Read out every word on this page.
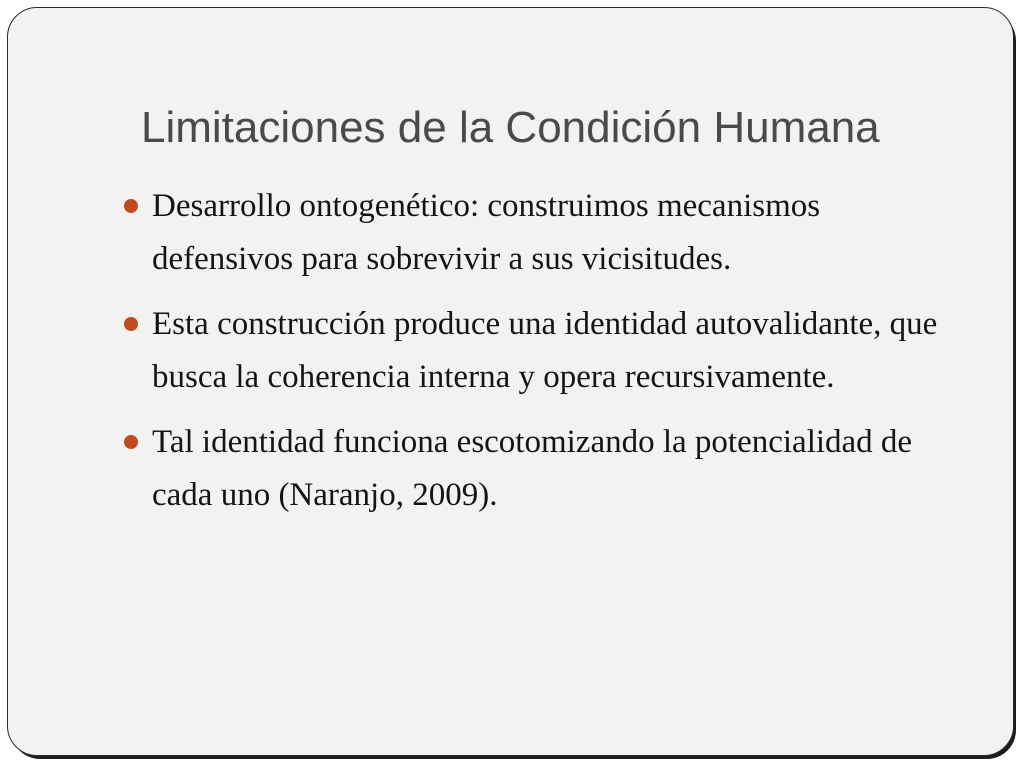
Limitaciones de la Condición Humana
Desarrollo ontogenético: construimos mecanismos defensivos para sobrevivir a sus vicisitudes.
Esta construcción produce una identidad autovalidante, que busca la coherencia interna y opera recursivamente.
Tal identidad funciona escotomizando la potencialidad de cada uno (Naranjo, 2009).
